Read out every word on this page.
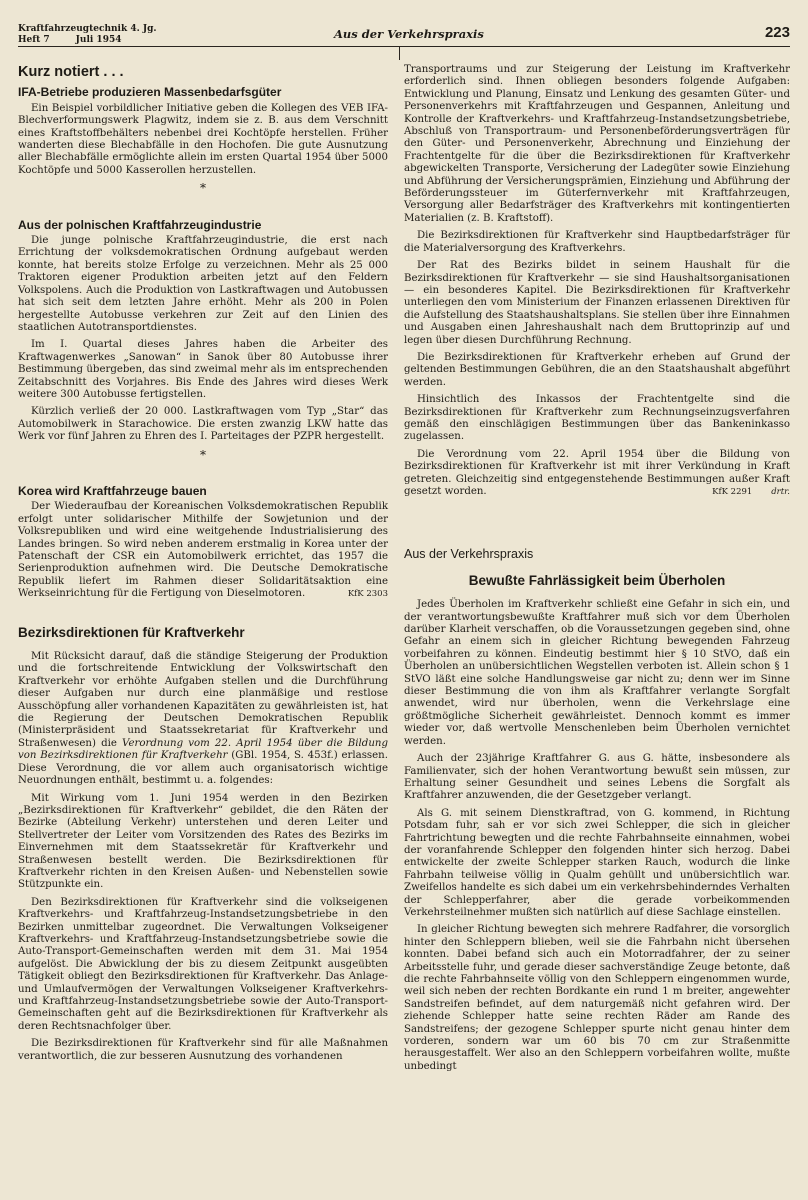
Kraftfahrzeugtechnik 4. Jg.
Heft 7	Juli 1954	Aus der Verkehrspraxis	223
Kurz notiert . . .
IFA-Betriebe produzieren Massenbedarfsgüter

Ein Beispiel vorbildlicher Initiative geben die Kollegen des VEB IFA-Blechverformungswerk Plagwitz, indem sie z. B. aus dem Verschnitt eines Kraftstoffbehälters nebenbei drei Kochtöpfe herstellen. Früher wanderten diese Blechabfälle in den Hochofen. Die gute Ausnutzung aller Blechabfälle ermöglichte allein im ersten Quartal 1954 über 5000 Kochtöpfe und 5000 Kasserollen herzustellen.

*
Aus der polnischen Kraftfahrzeugindustrie

Die junge polnische Kraftfahrzeugindustrie, die erst nach Errichtung der volksdemokratischen Ordnung aufgebaut werden konnte, hat bereits stolze Erfolge zu verzeichnen. Mehr als 25 000 Traktoren eigener Produktion arbeiten jetzt auf den Feldern Volkspolens. Auch die Produktion von Lastkraftwagen und Autobussen hat sich seit dem letzten Jahre erhöht. Mehr als 200 in Polen hergestellte Autobusse verkehren zur Zeit auf den Linien des staatlichen Autotransportdienstes.

Im I. Quartal dieses Jahres haben die Arbeiter des Kraftwagenwerkes „Sanowan“ in Sanok über 80 Autobusse ihrer Bestimmung übergeben, das sind zweimal mehr als im entsprechenden Zeitabschnitt des Vorjahres. Bis Ende des Jahres wird dieses Werk weitere 300 Autobusse fertigstellen.

Kürzlich verließ der 20 000. Lastkraftwagen vom Typ „Star“ das Automobilwerk in Starachowice. Die ersten zwanzig LKW hatte das Werk vor fünf Jahren zu Ehren des I. Parteitages der PZPR hergestellt.

*
Korea wird Kraftfahrzeuge bauen

Der Wiederaufbau der Koreanischen Volksdemokratischen Republik erfolgt unter solidarischer Mithilfe der Sowjetunion und der Volksrepubliken und wird eine weitgehende Industrialisierung des Landes bringen. So wird neben anderem erstmalig in Korea unter der Patenschaft der CSR ein Automobilwerk errichtet, das 1957 die Serienproduktion aufnehmen wird. Die Deutsche Demokratische Republik liefert im Rahmen dieser Solidaritätsaktion eine Werkseinrichtung für die Fertigung von Dieselmotoren.	KfK 2303

Bezirksdirektionen für Kraftverkehr

Mit Rücksicht darauf, daß die ständige Steigerung der Produktion und die fortschreitende Entwicklung der Volkswirtschaft den Kraftverkehr vor erhöhte Aufgaben stellen und die Durchführung dieser Aufgaben nur durch eine planmäßige und restlose Ausschöpfung aller vorhandenen Kapazitäten zu gewährleisten ist, hat die Regierung der Deutschen Demokratischen Republik (Ministerpräsident und Staatssekretariat für Kraftverkehr und Straßenwesen) die Verordnung vom 22. April 1954 über die Bildung von Bezirksdirektionen für Kraftverkehr (GBl. 1954, S. 453f.) erlassen. Diese Verordnung, die vor allem auch organisatorisch wichtige Neuordnungen enthält, bestimmt u. a. folgendes:

Mit Wirkung vom 1. Juni 1954 werden in den Bezirken „Bezirksdirektionen für Kraftverkehr“ gebildet, die den Räten der Bezirke (Abteilung Verkehr) unterstehen und deren Leiter und Stellvertreter der Leiter vom Vorsitzenden des Rates des Bezirks im Einvernehmen mit dem Staatssekretär für Kraftverkehr und Straßenwesen bestellt werden. Die Bezirksdirektionen für Kraftverkehr richten in den Kreisen Außen- und Nebenstellen sowie Stützpunkte ein.

Den Bezirksdirektionen für Kraftverkehr sind die volkseigenen Kraftverkehrs- und Kraftfahrzeug-Instandsetzungsbetriebe in den Bezirken unmittelbar zugeordnet. Die Verwaltungen Volkseigener Kraftverkehrs- und Kraftfahrzeug-Instandsetzungsbetriebe sowie die Auto-Transport-Gemeinschaften werden mit dem 31. Mai 1954 aufgelöst. Die Abwicklung der bis zu diesem Zeitpunkt ausgeübten Tätigkeit obliegt den Bezirksdirektionen für Kraftverkehr. Das Anlage- und Umlaufvermögen der Verwaltungen Volkseigener Kraftverkehrs- und Kraftfahrzeug-Instandsetzungsbetriebe sowie der Auto-Transport-Gemeinschaften geht auf die Bezirksdirektionen für Kraftverkehr als deren Rechtsnachfolger über.

Die Bezirksdirektionen für Kraftverkehr sind für alle Maßnahmen verantwortlich, die zur besseren Ausnutzung des vorhandenen

Transportraums und zur Steigerung der Leistung im Kraftverkehr erforderlich sind. Ihnen obliegen besonders folgende Aufgaben: Entwicklung und Planung, Einsatz und Lenkung des gesamten Güter- und Personenverkehrs mit Kraftfahrzeugen und Gespannen, Anleitung und Kontrolle der Kraftverkehrs- und Kraftfahrzeug-Instandsetzungsbetriebe, Abschluß von Transportraum- und Personenbeförderungsverträgen für den Güter- und Personenverkehr, Abrechnung und Einziehung der Frachtentgelte für die über die Bezirksdirektionen für Kraftverkehr abgewickelten Transporte, Versicherung der Ladegüter sowie Einziehung und Abführung der Versicherungsprämien, Einziehung und Abführung der Beförderungssteuer im Güterfernverkehr mit Kraftfahrzeugen, Versorgung aller Bedarfsträger des Kraftverkehrs mit kontingentierten Materialien (z. B. Kraftstoff).

Die Bezirksdirektionen für Kraftverkehr sind Hauptbedarfsträger für die Materialversorgung des Kraftverkehrs.

Der Rat des Bezirks bildet in seinem Haushalt für die Bezirksdirektionen für Kraftverkehr — sie sind Haushaltsorganisationen — ein besonderes Kapitel. Die Bezirksdirektionen für Kraftverkehr unterliegen den vom Ministerium der Finanzen erlassenen Direktiven für die Aufstellung des Staatshaushaltsplans. Sie stellen über ihre Einnahmen und Ausgaben einen Jahreshaushalt nach dem Bruttoprinzip auf und legen über diesen Durchführung Rechnung.

Die Bezirksdirektionen für Kraftverkehr erheben auf Grund der geltenden Bestimmungen Gebühren, die an den Staatshaushalt abgeführt werden.

Hinsichtlich des Inkassos der Frachtentgelte sind die Bezirksdirektionen für Kraftverkehr zum Rechnungseinzugsverfahren gemäß den einschlägigen Bestimmungen über das Bankeninkasso zugelassen.

Die Verordnung vom 22. April 1954 über die Bildung von Bezirksdirektionen für Kraftverkehr ist mit ihrer Verkündung in Kraft getreten. Gleichzeitig sind entgegenstehende Bestimmungen außer Kraft gesetzt worden.	KfK 2291 drtr.

Aus der Verkehrspraxis
Bewußte Fahrlässigkeit beim Überholen

Jedes Überholen im Kraftverkehr schließt eine Gefahr in sich ein, und der verantwortungsbewußte Kraftfahrer muß sich vor dem Überholen darüber Klarheit verschaffen, ob die Voraussetzungen gegeben sind, ohne Gefahr an einem sich in gleicher Richtung bewegenden Fahrzeug vorbeifahren zu können. Eindeutig bestimmt hier § 10 StVO, daß ein Überholen an unübersichtlichen Wegstellen verboten ist. Allein schon § 1 StVO läßt eine solche Handlungsweise gar nicht zu; denn wer im Sinne dieser Bestimmung die von ihm als Kraftfahrer verlangte Sorgfalt anwendet, wird nur überholen, wenn die Verkehrslage eine größtmögliche Sicherheit gewährleistet. Dennoch kommt es immer wieder vor, daß wertvolle Menschenleben beim Überholen vernichtet werden.

Auch der 23jährige Kraftfahrer G. aus G. hätte, insbesondere als Familienvater, sich der hohen Verantwortung bewußt sein müssen, zur Erhaltung seiner Gesundheit und seines Lebens die Sorgfalt als Kraftfahrer anzuwenden, die der Gesetzgeber verlangt.

Als G. mit seinem Dienstkraftrad, von G. kommend, in Richtung Potsdam fuhr, sah er vor sich zwei Schlepper, die sich in gleicher Fahrtrichtung bewegten und die rechte Fahrbahnseite einnahmen, wobei der voranfahrende Schlepper den folgenden hinter sich herzog. Dabei entwickelte der zweite Schlepper starken Rauch, wodurch die linke Fahrbahn teilweise völlig in Qualm gehüllt und unübersichtlich war. Zweifellos handelte es sich dabei um ein verkehrsbehinderndes Verhalten der Schlepperfahrer, aber die gerade vorbeikommenden Verkehrsteilnehmer mußten sich natürlich auf diese Sachlage einstellen.

In gleicher Richtung bewegten sich mehrere Radfahrer, die vorsorglich hinter den Schleppern blieben, weil sie die Fahrbahn nicht übersehen konnten. Dabei befand sich auch ein Motorradfahrer, der zu seiner Arbeitsstelle fuhr, und gerade dieser sachverständige Zeuge betonte, daß die rechte Fahrbahnseite völlig von den Schleppern eingenommen wurde, weil sich neben der rechten Bordkante ein rund 1 m breiter, angewehter Sandstreifen befindet, auf dem naturgemäß nicht gefahren wird. Der ziehende Schlepper hatte seine rechten Räder am Rande des Sandstreifens; der gezogene Schlepper spurte nicht genau hinter dem vorderen, sondern war um 60 bis 70 cm zur Straßenmitte herausgestaffelt. Wer also an den Schleppern vorbeifahren wollte, mußte unbedingt
